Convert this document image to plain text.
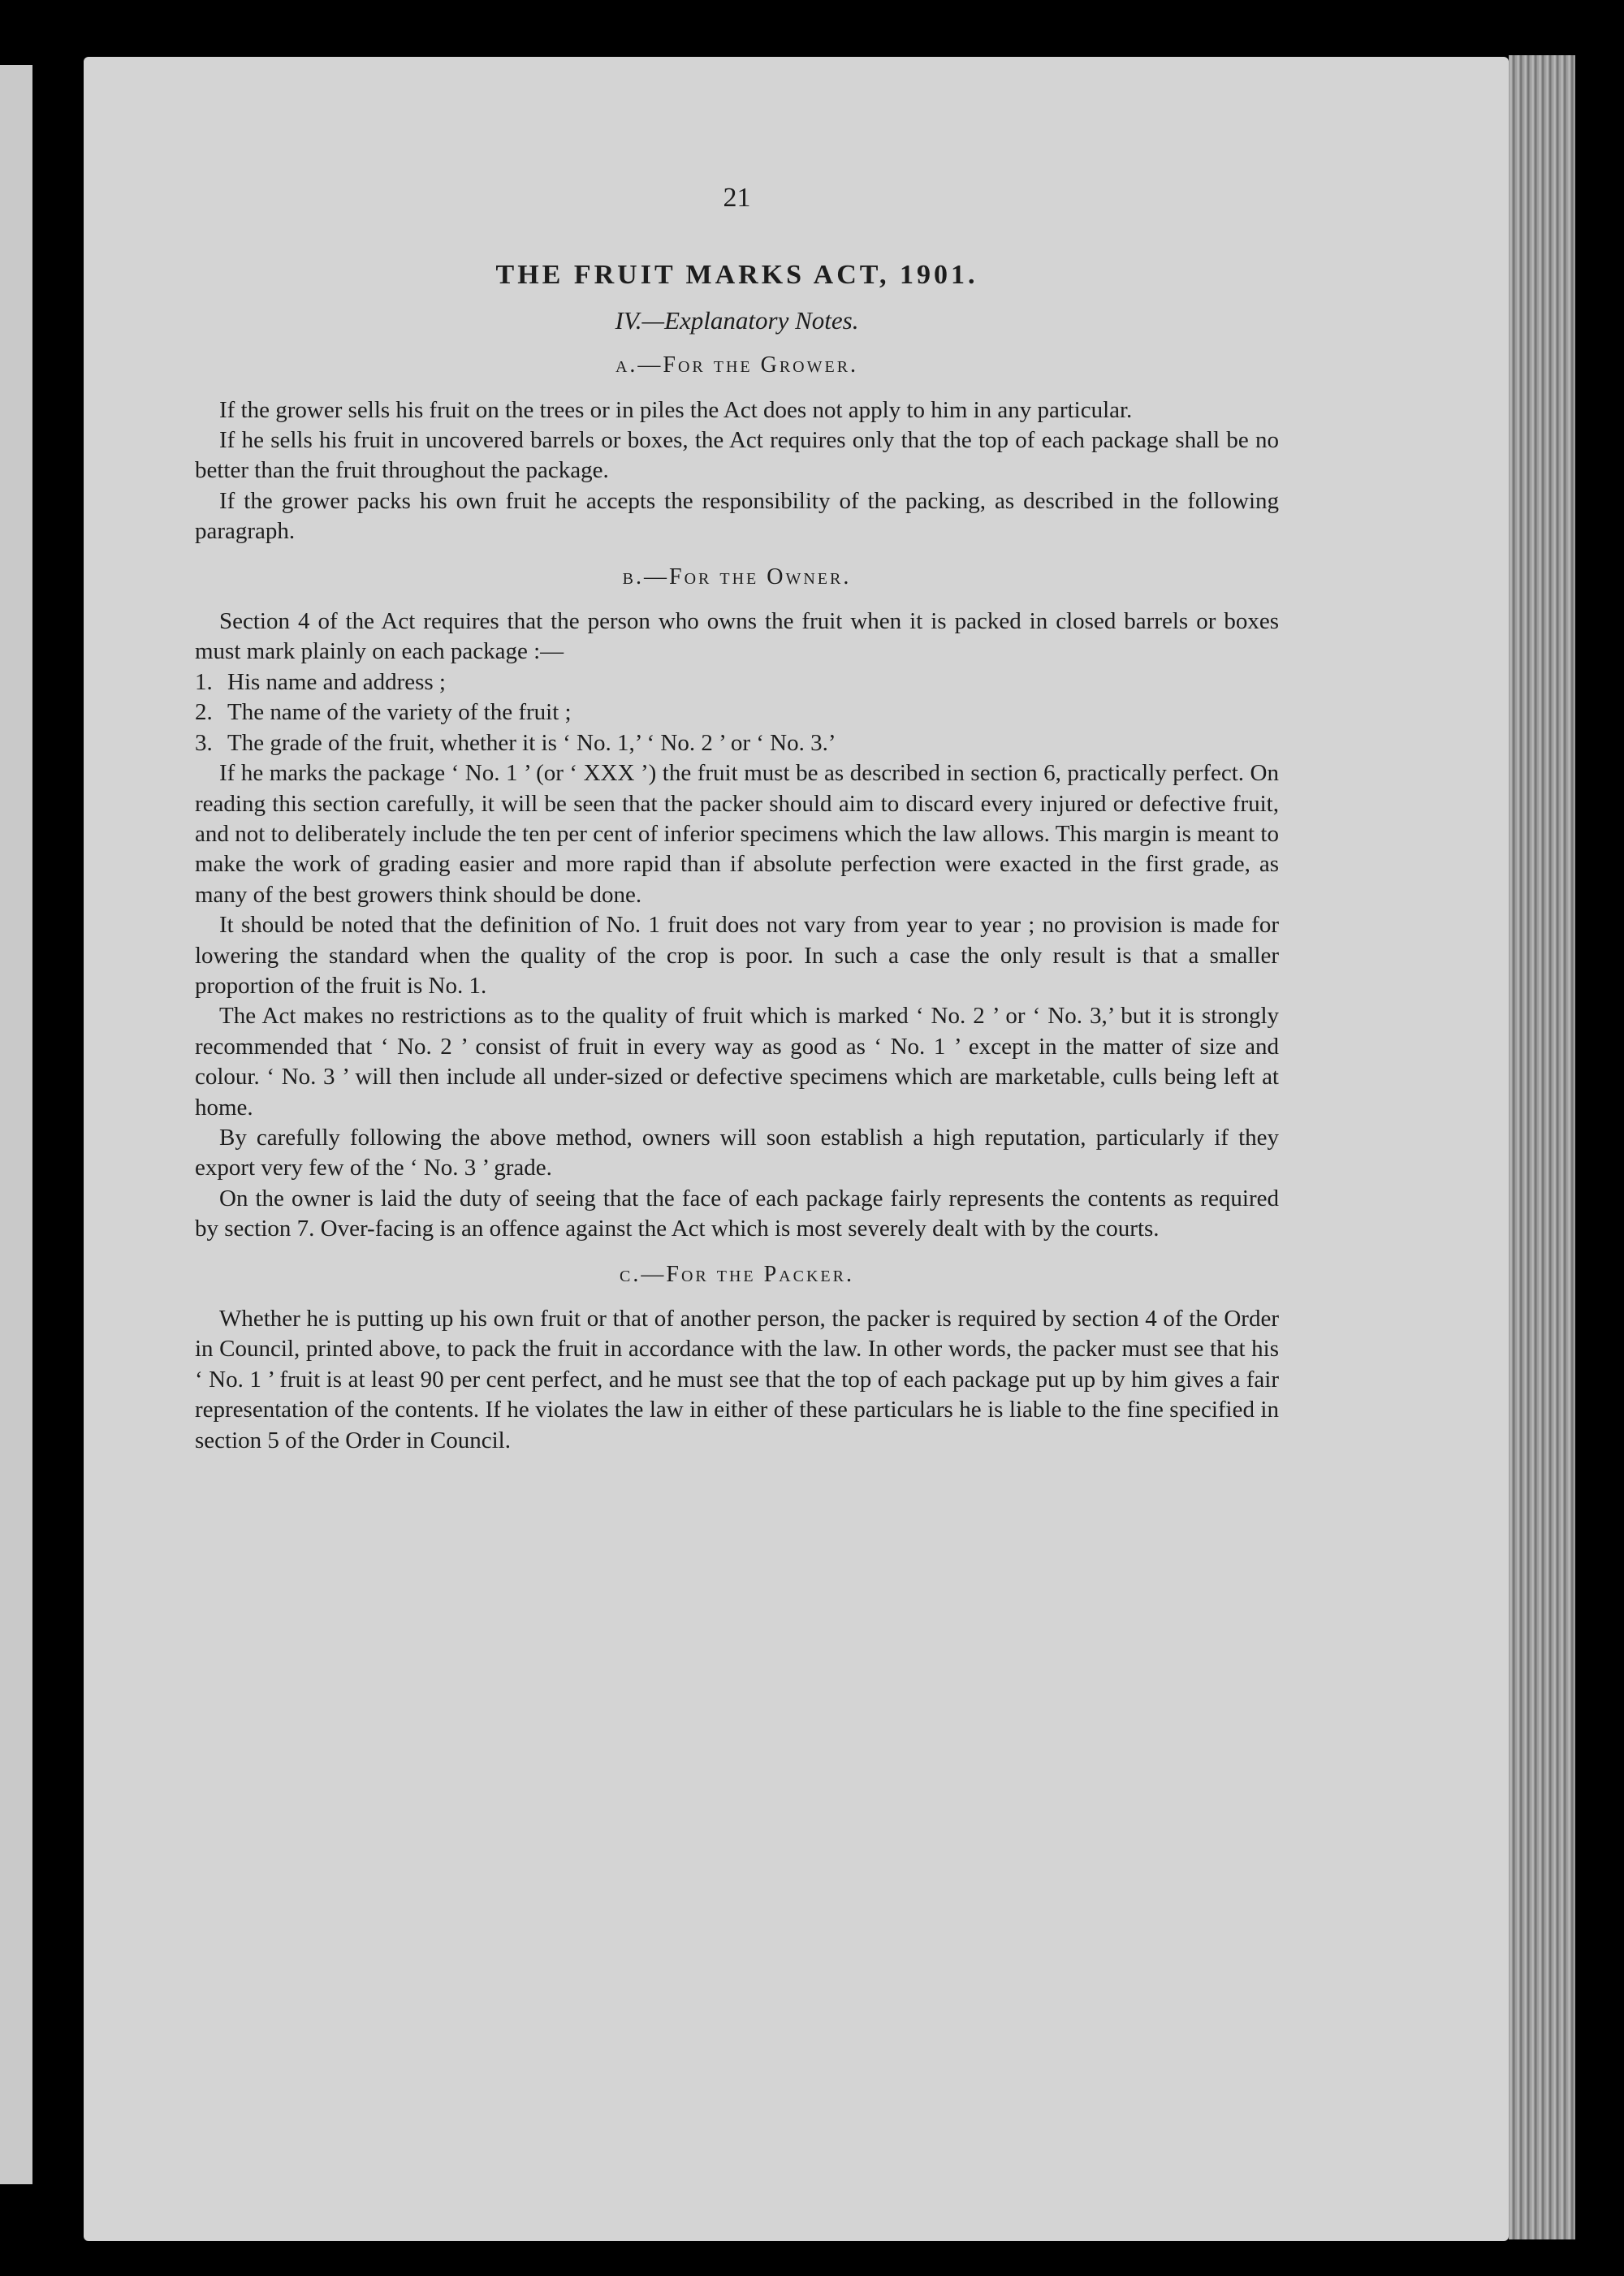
21
THE FRUIT MARKS ACT, 1901.
IV.—Explanatory Notes.
a.—For the Grower.

If the grower sells his fruit on the trees or in piles the Act does not apply to him in any particular.

If he sells his fruit in uncovered barrels or boxes, the Act requires only that the top of each package shall be no better than the fruit throughout the package.

If the grower packs his own fruit he accepts the responsibility of the packing, as described in the following paragraph.

b.—For the Owner.

Section 4 of the Act requires that the person who owns the fruit when it is packed in closed barrels or boxes must mark plainly on each package :—

1. His name and address ;

2. The name of the variety of the fruit ;

3. The grade of the fruit, whether it is ‘ No. 1,’ ‘ No. 2 ’ or ‘ No. 3.’

If he marks the package ‘ No. 1 ’ (or ‘ XXX ’) the fruit must be as described in section 6, practically perfect. On reading this section carefully, it will be seen that the packer should aim to discard every injured or defective fruit, and not to deliberately include the ten per cent of inferior specimens which the law allows. This margin is meant to make the work of grading easier and more rapid than if absolute perfection were exacted in the first grade, as many of the best growers think should be done.

It should be noted that the definition of No. 1 fruit does not vary from year to year ; no provision is made for lowering the standard when the quality of the crop is poor. In such a case the only result is that a smaller proportion of the fruit is No. 1.

The Act makes no restrictions as to the quality of fruit which is marked ‘ No. 2 ’ or ‘ No. 3,’ but it is strongly recommended that ‘ No. 2 ’ consist of fruit in every way as good as ‘ No. 1 ’ except in the matter of size and colour. ‘ No. 3 ’ will then include all under-sized or defective specimens which are marketable, culls being left at home.

By carefully following the above method, owners will soon establish a high reputation, particularly if they export very few of the ‘ No. 3 ’ grade.

On the owner is laid the duty of seeing that the face of each package fairly represents the contents as required by section 7. Over-facing is an offence against the Act which is most severely dealt with by the courts.

c.—For the Packer.

Whether he is putting up his own fruit or that of another person, the packer is required by section 4 of the Order in Council, printed above, to pack the fruit in accordance with the law. In other words, the packer must see that his ‘ No. 1 ’ fruit is at least 90 per cent perfect, and he must see that the top of each package put up by him gives a fair representation of the contents. If he violates the law in either of these particulars he is liable to the fine specified in section 5 of the Order in Council.
